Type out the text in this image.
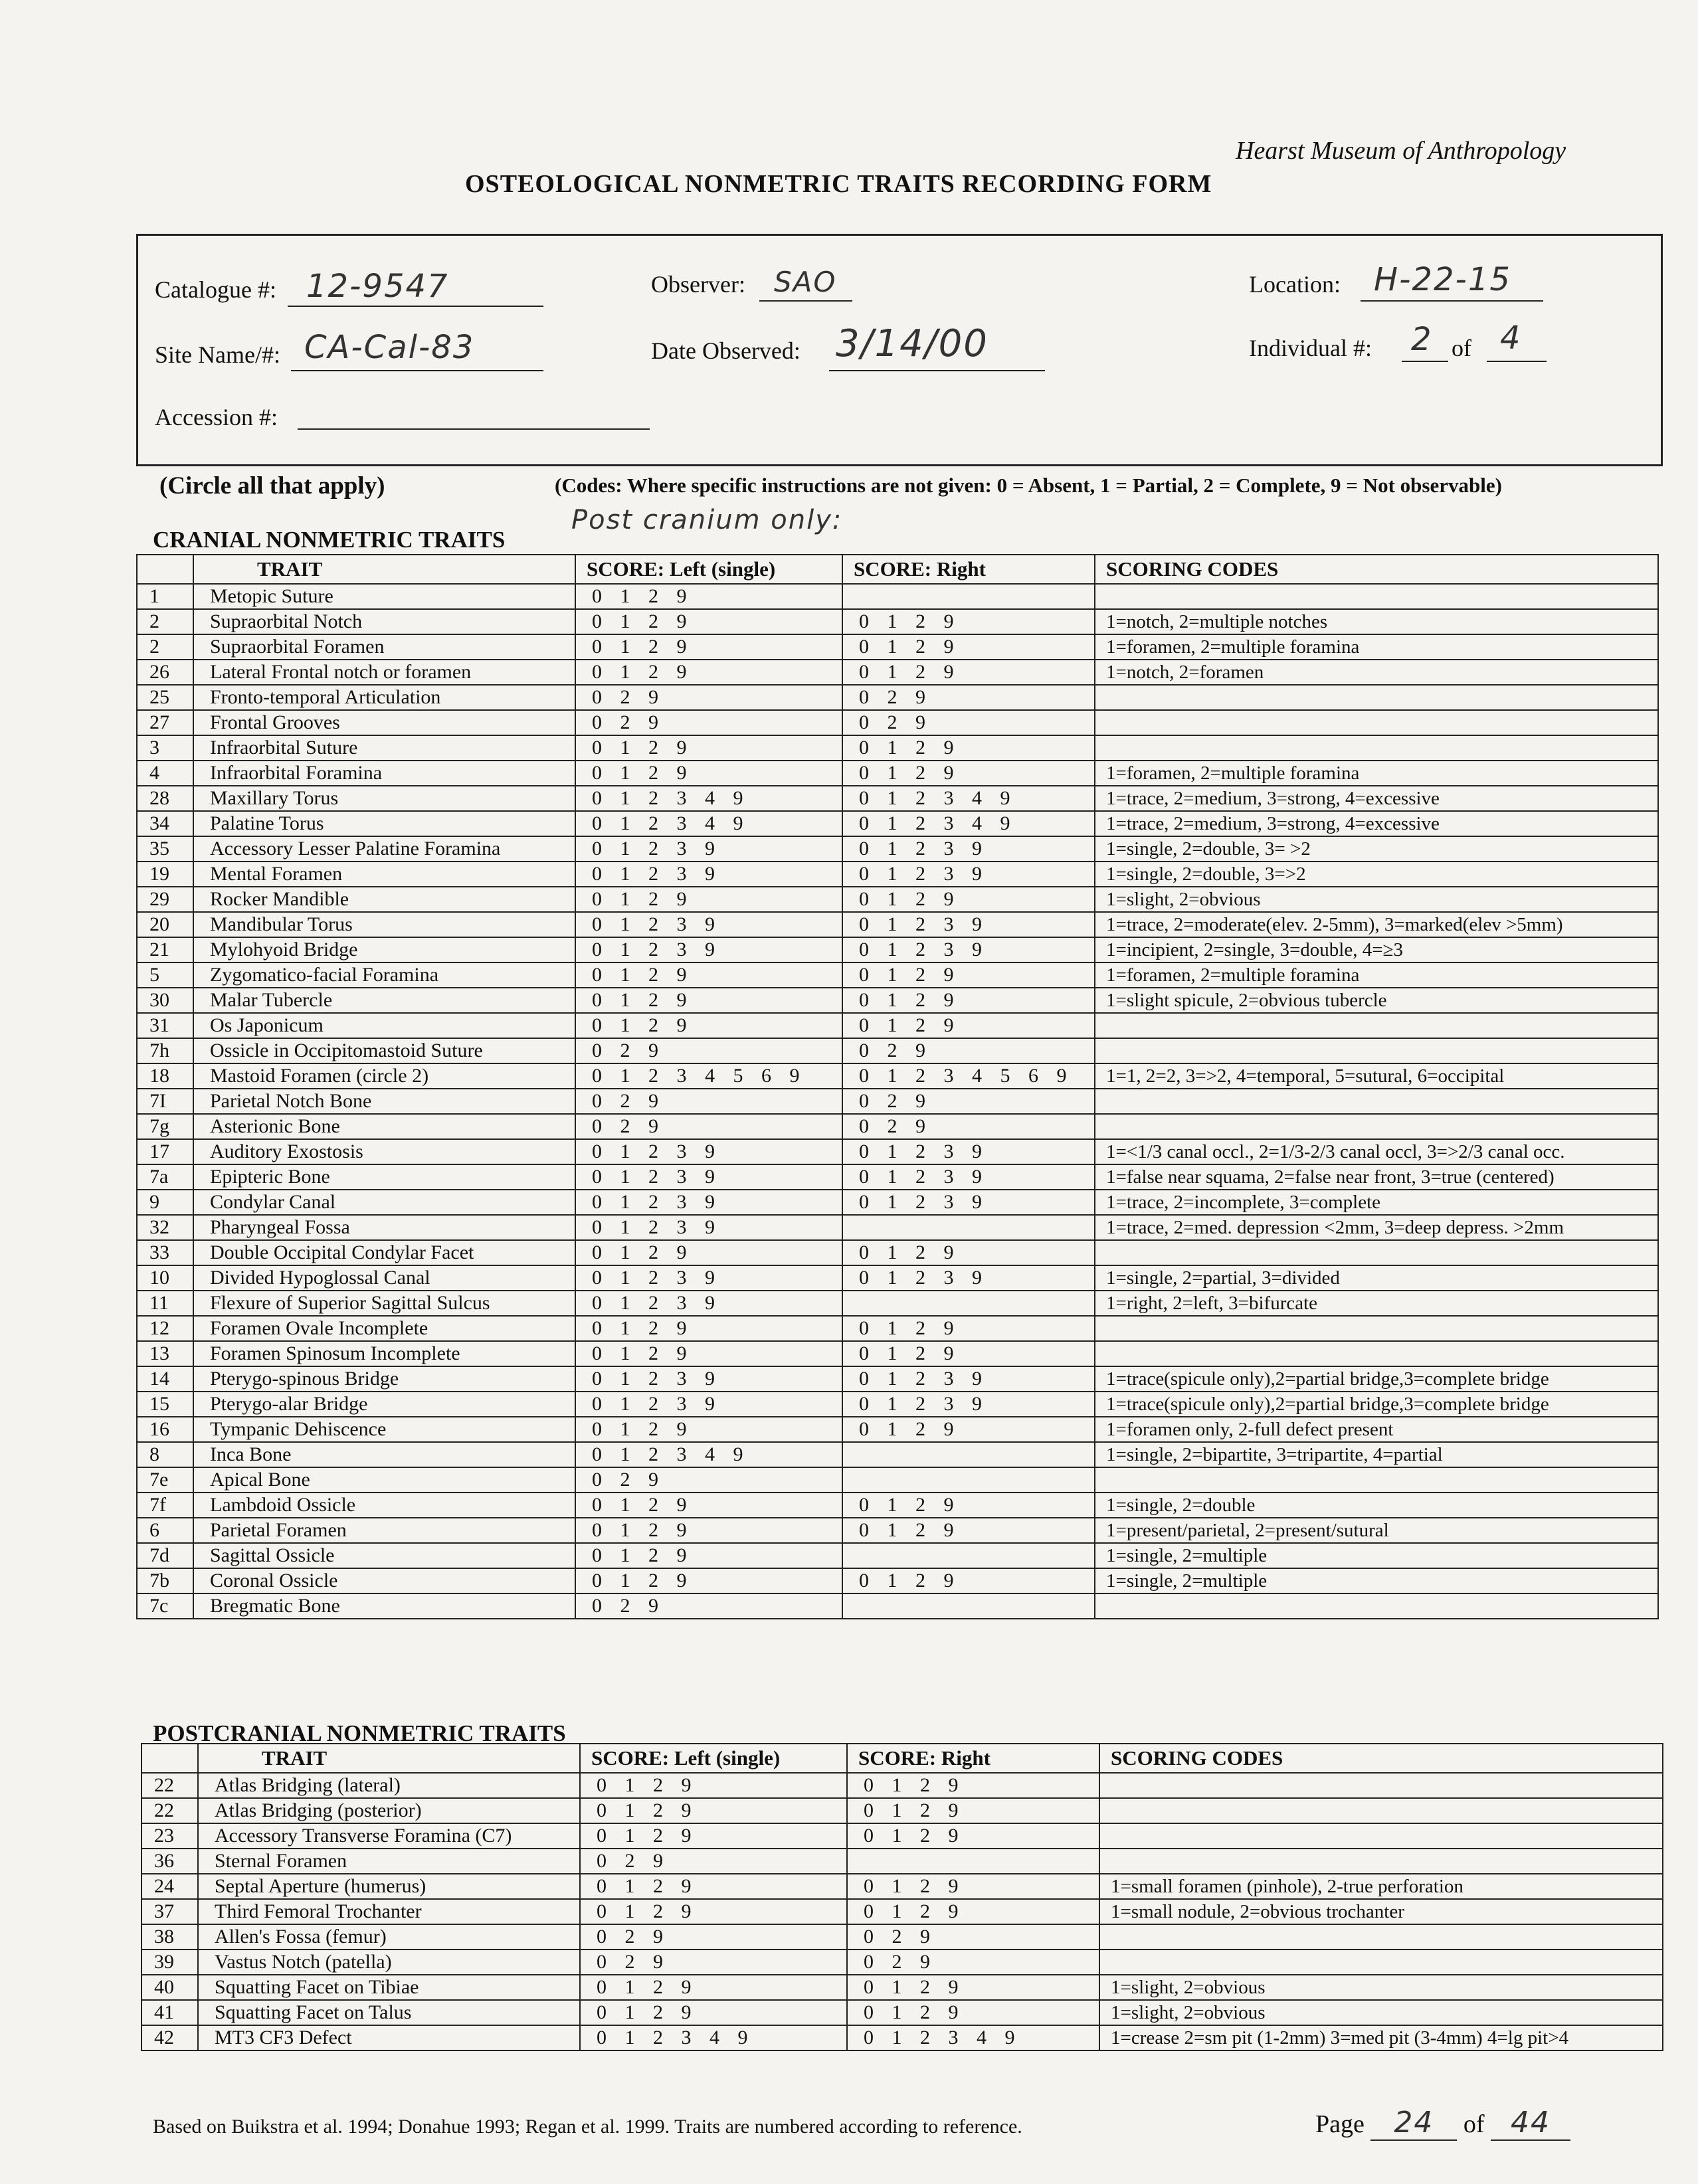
Hearst Museum of Anthropology
OSTEOLOGICAL NONMETRIC TRAITS RECORDING FORM
Catalogue #: 12-9547	Observer: SAO	Location: H-22-15
Site Name/#: CA-Cal-83	Date Observed: 3/14/00	Individual #: 2 of 4
Accession #:
(Circle all that apply)	(Codes: Where specific instructions are not given: 0 = Absent, 1 = Partial, 2 = Complete, 9 = Not observable)
CRANIAL NONMETRIC TRAITS
Post cranium only:
	TRAIT	SCORE: Left (single)	SCORE: Right	SCORING CODES
1	Metopic Suture	0 1 2 9		
2	Supraorbital Notch	0 1 2 9	0 1 2 9	1=notch, 2=multiple notches
2	Supraorbital Foramen	0 1 2 9	0 1 2 9	1=foramen, 2=multiple foramina
26	Lateral Frontal notch or foramen	0 1 2 9	0 1 2 9	1=notch, 2=foramen
25	Fronto-temporal Articulation	0 2 9	0 2 9	
27	Frontal Grooves	0 2 9	0 2 9	
3	Infraorbital Suture	0 1 2 9	0 1 2 9	
4	Infraorbital Foramina	0 1 2 9	0 1 2 9	1=foramen, 2=multiple foramina
28	Maxillary Torus	0 1 2 3 4 9	0 1 2 3 4 9	1=trace, 2=medium, 3=strong, 4=excessive
34	Palatine Torus	0 1 2 3 4 9	0 1 2 3 4 9	1=trace, 2=medium, 3=strong, 4=excessive
35	Accessory Lesser Palatine Foramina	0 1 2 3 9	0 1 2 3 9	1=single, 2=double, 3= >2
19	Mental Foramen	0 1 2 3 9	0 1 2 3 9	1=single, 2=double, 3=>2
29	Rocker Mandible	0 1 2 9	0 1 2 9	1=slight, 2=obvious
20	Mandibular Torus	0 1 2 3 9	0 1 2 3 9	1=trace, 2=moderate(elev. 2-5mm), 3=marked(elev >5mm)
21	Mylohyoid Bridge	0 1 2 3 9	0 1 2 3 9	1=incipient, 2=single, 3=double, 4=≥3
5	Zygomatico-facial Foramina	0 1 2 9	0 1 2 9	1=foramen, 2=multiple foramina
30	Malar Tubercle	0 1 2 9	0 1 2 9	1=slight spicule, 2=obvious tubercle
31	Os Japonicum	0 1 2 9	0 1 2 9	
7h	Ossicle in Occipitomastoid Suture	0 2 9	0 2 9	
18	Mastoid Foramen (circle 2)	0 1 2 3 4 5 6 9	0 1 2 3 4 5 6 9	1=1, 2=2, 3=>2, 4=temporal, 5=sutural, 6=occipital
7I	Parietal Notch Bone	0 2 9	0 2 9	
7g	Asterionic Bone	0 2 9	0 2 9	
17	Auditory Exostosis	0 1 2 3 9	0 1 2 3 9	1=<1/3 canal occl., 2=1/3-2/3 canal occl, 3=>2/3 canal occ.
7a	Epipteric Bone	0 1 2 3 9	0 1 2 3 9	1=false near squama, 2=false near front, 3=true (centered)
9	Condylar Canal	0 1 2 3 9	0 1 2 3 9	1=trace, 2=incomplete, 3=complete
32	Pharyngeal Fossa	0 1 2 3 9		1=trace, 2=med. depression <2mm, 3=deep depress. >2mm
33	Double Occipital Condylar Facet	0 1 2 9	0 1 2 9	
10	Divided Hypoglossal Canal	0 1 2 3 9	0 1 2 3 9	1=single, 2=partial, 3=divided
11	Flexure of Superior Sagittal Sulcus	0 1 2 3 9		1=right, 2=left, 3=bifurcate
12	Foramen Ovale Incomplete	0 1 2 9	0 1 2 9	
13	Foramen Spinosum Incomplete	0 1 2 9	0 1 2 9	
14	Pterygo-spinous Bridge	0 1 2 3 9	0 1 2 3 9	1=trace(spicule only),2=partial bridge,3=complete bridge
15	Pterygo-alar Bridge	0 1 2 3 9	0 1 2 3 9	1=trace(spicule only),2=partial bridge,3=complete bridge
16	Tympanic Dehiscence	0 1 2 9	0 1 2 9	1=foramen only, 2-full defect present
8	Inca Bone	0 1 2 3 4 9		1=single, 2=bipartite, 3=tripartite, 4=partial
7e	Apical Bone	0 2 9		
7f	Lambdoid Ossicle	0 1 2 9	0 1 2 9	1=single, 2=double
6	Parietal Foramen	0 1 2 9	0 1 2 9	1=present/parietal, 2=present/sutural
7d	Sagittal Ossicle	0 1 2 9		1=single, 2=multiple
7b	Coronal Ossicle	0 1 2 9	0 1 2 9	1=single, 2=multiple
7c	Bregmatic Bone	0 2 9		
POSTCRANIAL NONMETRIC TRAITS
	TRAIT	SCORE: Left (single)	SCORE: Right	SCORING CODES
22	Atlas Bridging (lateral)	0 1 2 9	0 1 2 9	
22	Atlas Bridging (posterior)	0 1 2 9	0 1 2 9	
23	Accessory Transverse Foramina (C7)	0 1 2 9	0 1 2 9	
36	Sternal Foramen	0 2 9		
24	Septal Aperture (humerus)	0 1 2 9	0 1 2 9	1=small foramen (pinhole), 2-true perforation
37	Third Femoral Trochanter	0 1 2 9	0 1 2 9	1=small nodule, 2=obvious trochanter
38	Allen's Fossa (femur)	0 2 9	0 2 9	
39	Vastus Notch (patella)	0 2 9	0 2 9	
40	Squatting Facet on Tibiae	0 1 2 9	0 1 2 9	1=slight, 2=obvious
41	Squatting Facet on Talus	0 1 2 9	0 1 2 9	1=slight, 2=obvious
42	MT3 CF3 Defect	0 1 2 3 4 9	0 1 2 3 4 9	1=crease 2=sm pit (1-2mm) 3=med pit (3-4mm) 4=lg pit>4
Based on Buikstra et al. 1994; Donahue 1993; Regan et al. 1999. Traits are numbered according to reference.	Page 24 of 44
